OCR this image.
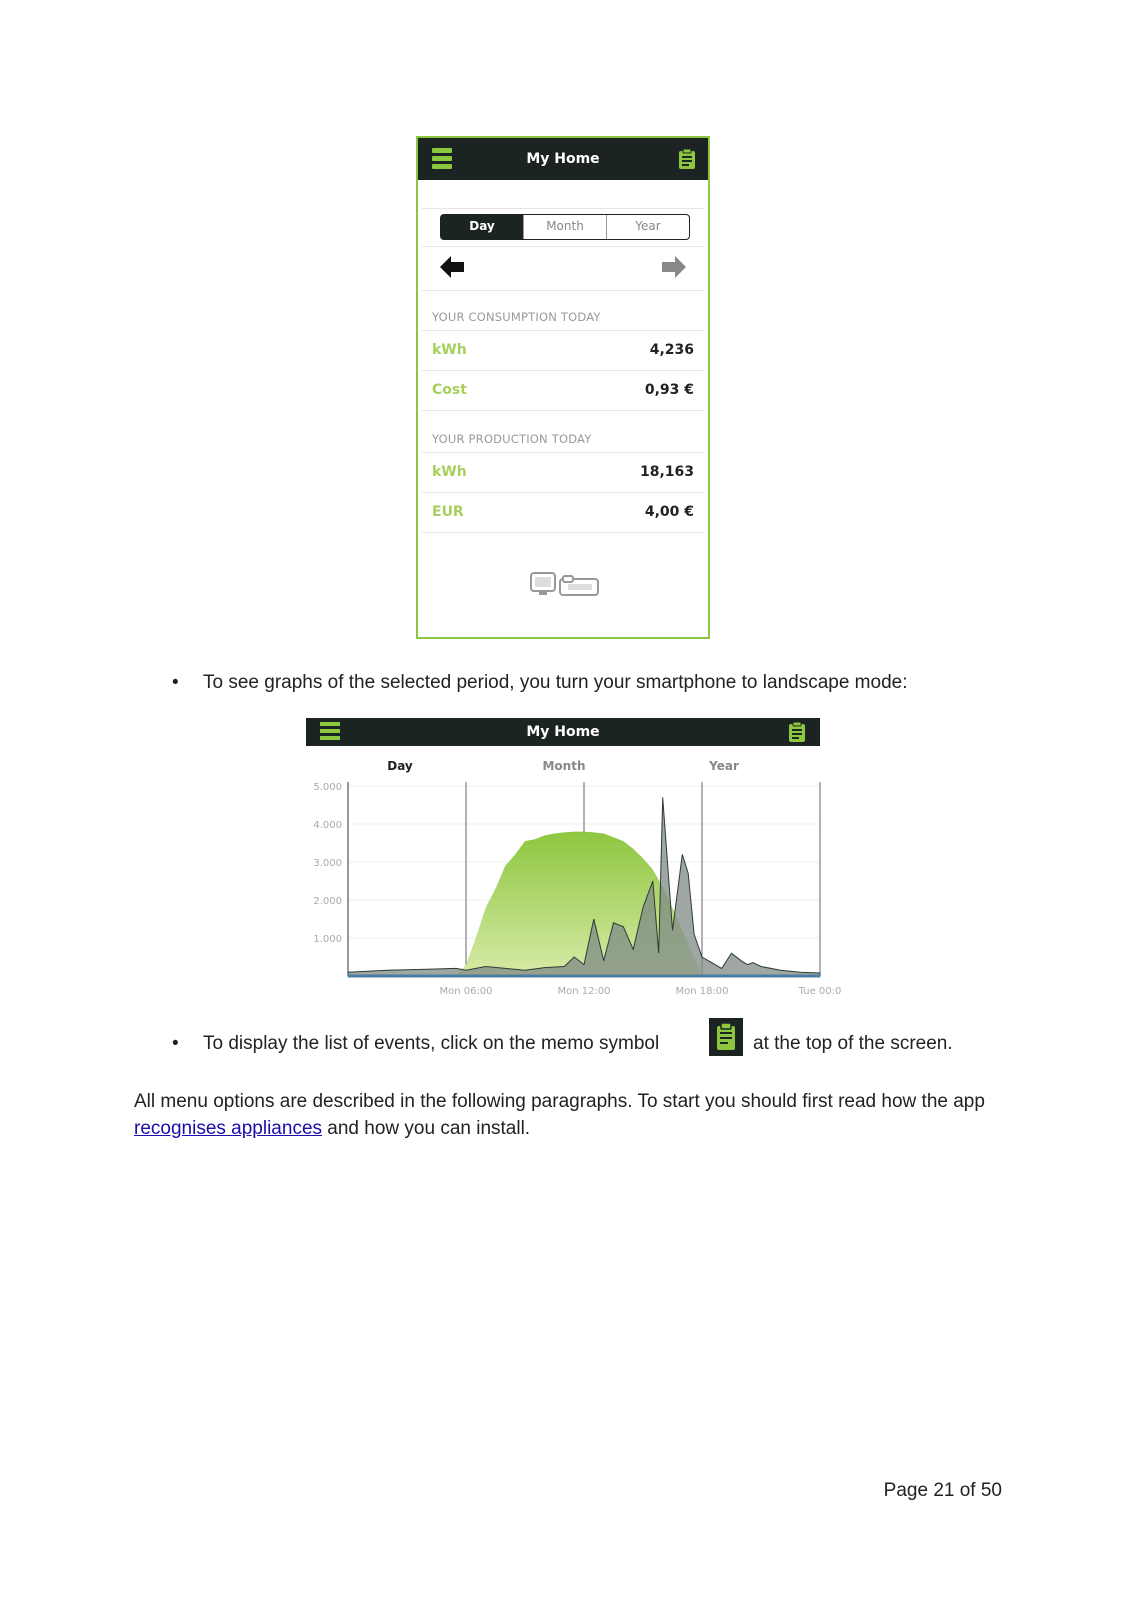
My Home
Day	Month	Year
YOUR CONSUMPTION TODAY
kWh	4,236
Cost	0,93 €
YOUR PRODUCTION TODAY
kWh	18,163
EUR	4,00 €
• To see graphs of the selected period, you turn your smartphone to landscape mode:
My Home
Day	Month	Year
5.000
4.000
3.000
2.000
1.000
Mon 06:00	Mon 12:00	Mon 18:00	Tue 00:0
• To display the list of events, click on the memo symbol	at the top of the screen.
All menu options are described in the following paragraphs. To start you should first read how the app recognises appliances and how you can install.
Page 21 of 50
